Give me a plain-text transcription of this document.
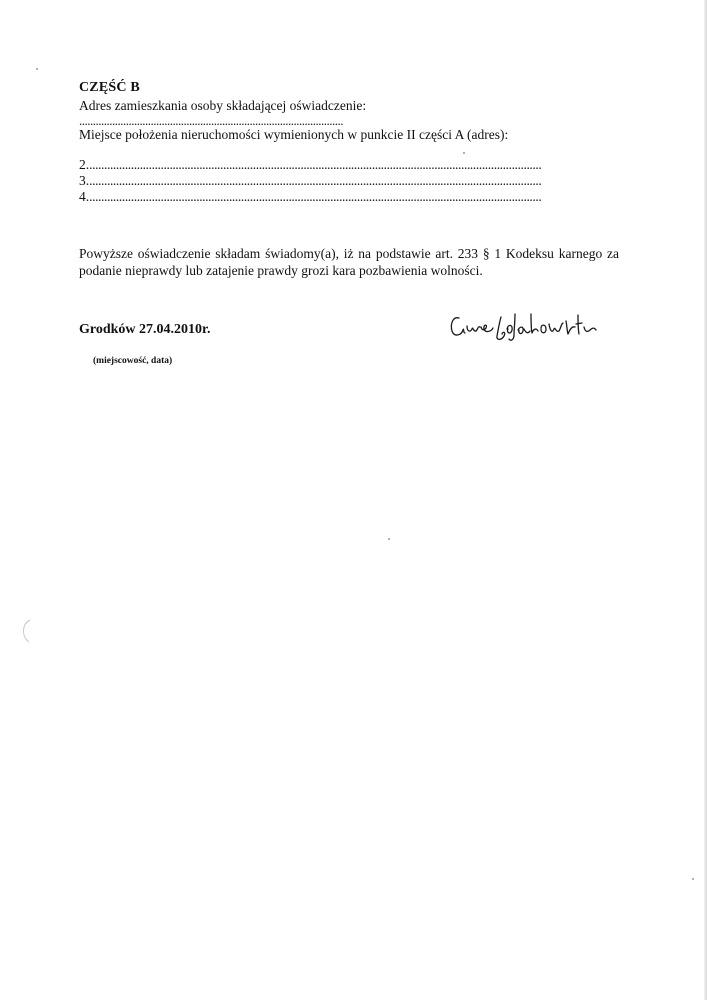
CZĘŚĆ B
Adres zamieszkania osoby składającej oświadczenie:
................................................................................................
Miejsce położenia nieruchomości wymienionych w punkcie II części A (adres):
2.........................................................................................................................................................
3.........................................................................................................................................................
4.........................................................................................................................................................
Powyższe oświadczenie składam świadomy(a), iż na podstawie art. 233 § 1 Kodeksu karnego za podanie nieprawdy lub zatajenie prawdy grozi kara pozbawienia wolności.
Grodków 27.04.2010r.
(miejscowość, data)
